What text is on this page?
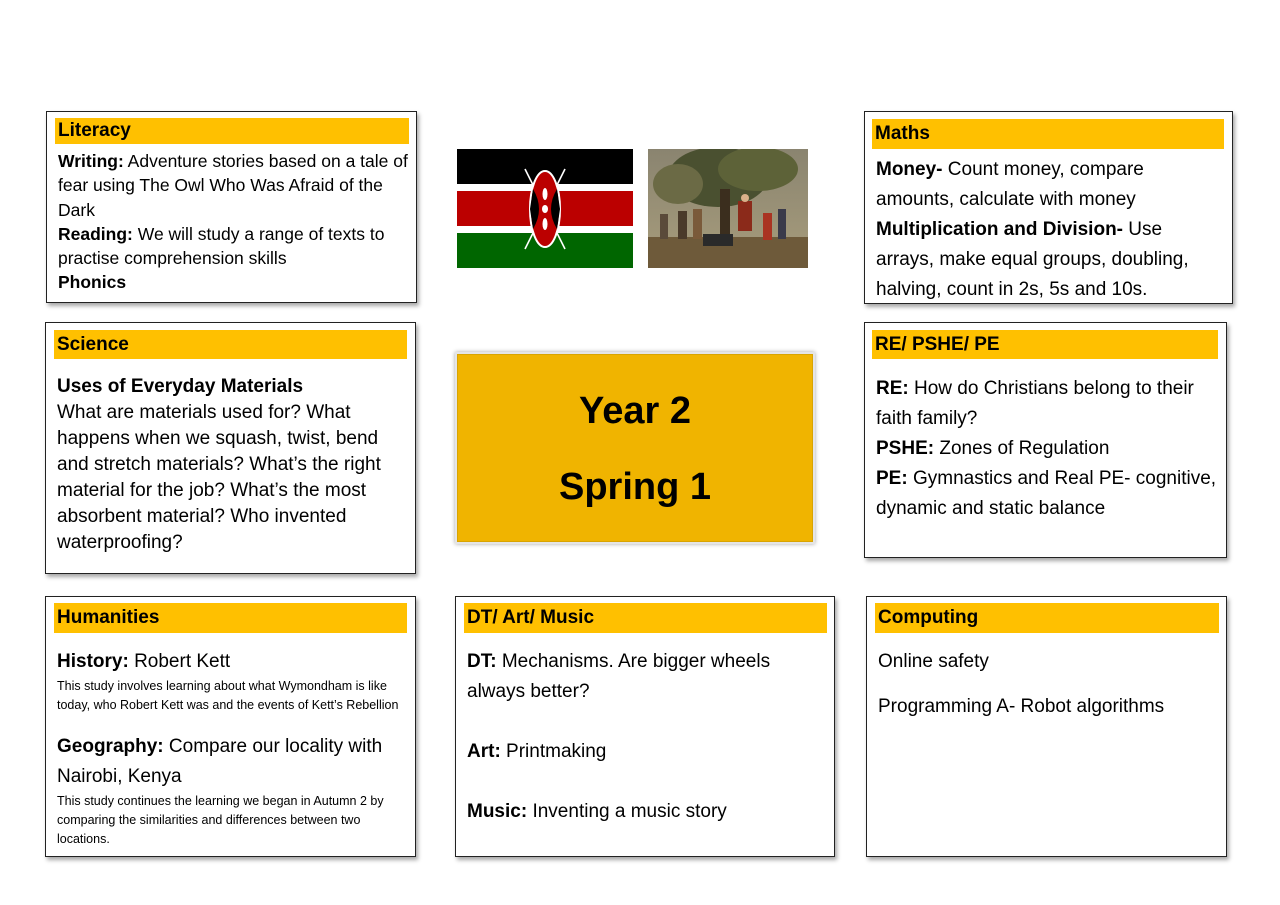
Literacy

Writing: Adventure stories based on a tale of fear using The Owl Who Was Afraid of the Dark

Reading: We will study a range of texts to practise comprehension skills

Phonics

Maths

Money- Count money, compare amounts, calculate with money

Multiplication and Division- Use arrays, make equal groups, doubling, halving, count in 2s, 5s and 10s.

Science

Uses of Everyday Materials

What are materials used for? What happens when we squash, twist, bend and stretch materials? What’s the right material for the job? What’s the most absorbent material? Who invented waterproofing?

Year 2
Spring 1
RE/ PSHE/ PE

RE: How do Christians belong to their faith family?

PSHE: Zones of Regulation

PE: Gymnastics and Real PE- cognitive, dynamic and static balance

Humanities

History: Robert Kett

This study involves learning about what Wymondham is like today, who Robert Kett was and the events of Kett’s Rebellion

Geography: Compare our locality with Nairobi, Kenya

This study continues the learning we began in Autumn 2 by comparing the similarities and differences between two locations.

DT/ Art/ Music

DT: Mechanisms. Are bigger wheels always better?

Art: Printmaking

Music: Inventing a music story

Computing

Online safety

Programming A- Robot algorithms
